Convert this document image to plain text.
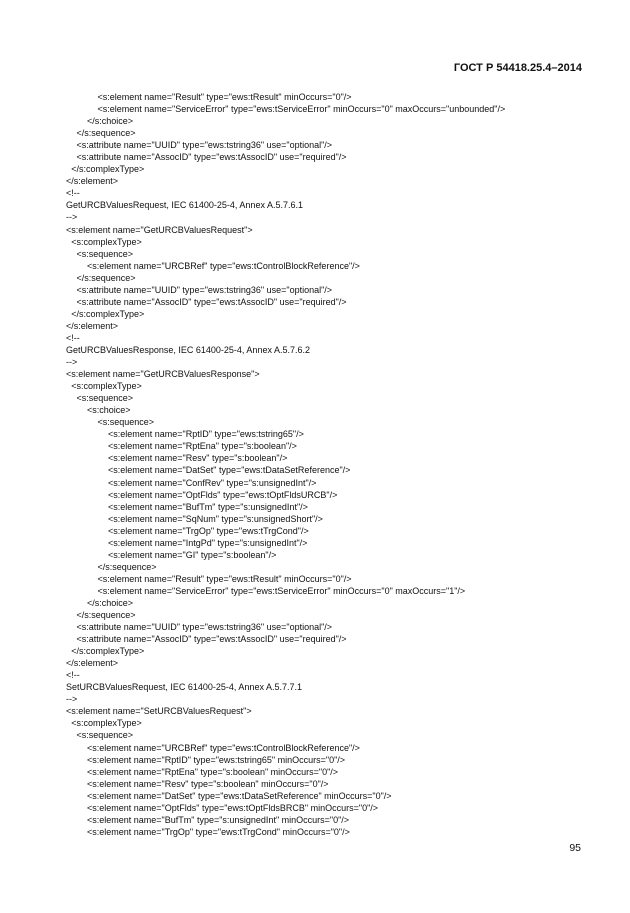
ГОСТ Р 54418.25.4–2014
<s:element name="Result" type="ews:tResult" minOccurs="0"/>
<s:element name="ServiceError" type="ews:tServiceError" minOccurs="0" maxOccurs="unbounded"/>
</s:choice>
</s:sequence>
<s:attribute name="UUID" type="ews:tstring36" use="optional"/>
<s:attribute name="AssocID" type="ews:tAssocID" use="required"/>
</s:complexType>
</s:element>
<!--
GetURCBValuesRequest, IEC 61400-25-4, Annex A.5.7.6.1
-->
<s:element name="GetURCBValuesRequest">
<s:complexType>
<s:sequence>
<s:element name="URCBRef" type="ews:tControlBlockReference"/>
</s:sequence>
<s:attribute name="UUID" type="ews:tstring36" use="optional"/>
<s:attribute name="AssocID" type="ews:tAssocID" use="required"/>
</s:complexType>
</s:element>
<!--
GetURCBValuesResponse, IEC 61400-25-4, Annex A.5.7.6.2
-->
<s:element name="GetURCBValuesResponse">
<s:complexType>
<s:sequence>
<s:choice>
<s:sequence>
<s:element name="RptID" type="ews:tstring65"/>
<s:element name="RptEna" type="s:boolean"/>
<s:element name="Resv" type="s:boolean"/>
<s:element name="DatSet" type="ews:tDataSetReference"/>
<s:element name="ConfRev" type="s:unsignedInt"/>
<s:element name="OptFlds" type="ews:tOptFldsURCB"/>
<s:element name="BufTm" type="s:unsignedInt"/>
<s:element name="SqNum" type="s:unsignedShort"/>
<s:element name="TrgOp" type="ews:tTrgCond"/>
<s:element name="IntgPd" type="s:unsignedInt"/>
<s:element name="GI" type="s:boolean"/>
</s:sequence>
<s:element name="Result" type="ews:tResult" minOccurs="0"/>
<s:element name="ServiceError" type="ews:tServiceError" minOccurs="0" maxOccurs="1"/>
</s:choice>
</s:sequence>
<s:attribute name="UUID" type="ews:tstring36" use="optional"/>
<s:attribute name="AssocID" type="ews:tAssocID" use="required"/>
</s:complexType>
</s:element>
<!--
SetURCBValuesRequest, IEC 61400-25-4, Annex A.5.7.7.1
-->
<s:element name="SetURCBValuesRequest">
<s:complexType>
<s:sequence>
<s:element name="URCBRef" type="ews:tControlBlockReference"/>
<s:element name="RptID" type="ews:tstring65" minOccurs="0"/>
<s:element name="RptEna" type="s:boolean" minOccurs="0"/>
<s:element name="Resv" type="s:boolean" minOccurs="0"/>
<s:element name="DatSet" type="ews:tDataSetReference" minOccurs="0"/>
<s:element name="OptFlds" type="ews:tOptFldsBRCB" minOccurs="0"/>
<s:element name="BufTm" type="s:unsignedInt" minOccurs="0"/>
<s:element name="TrgOp" type="ews:tTrgCond" minOccurs="0"/>
95
